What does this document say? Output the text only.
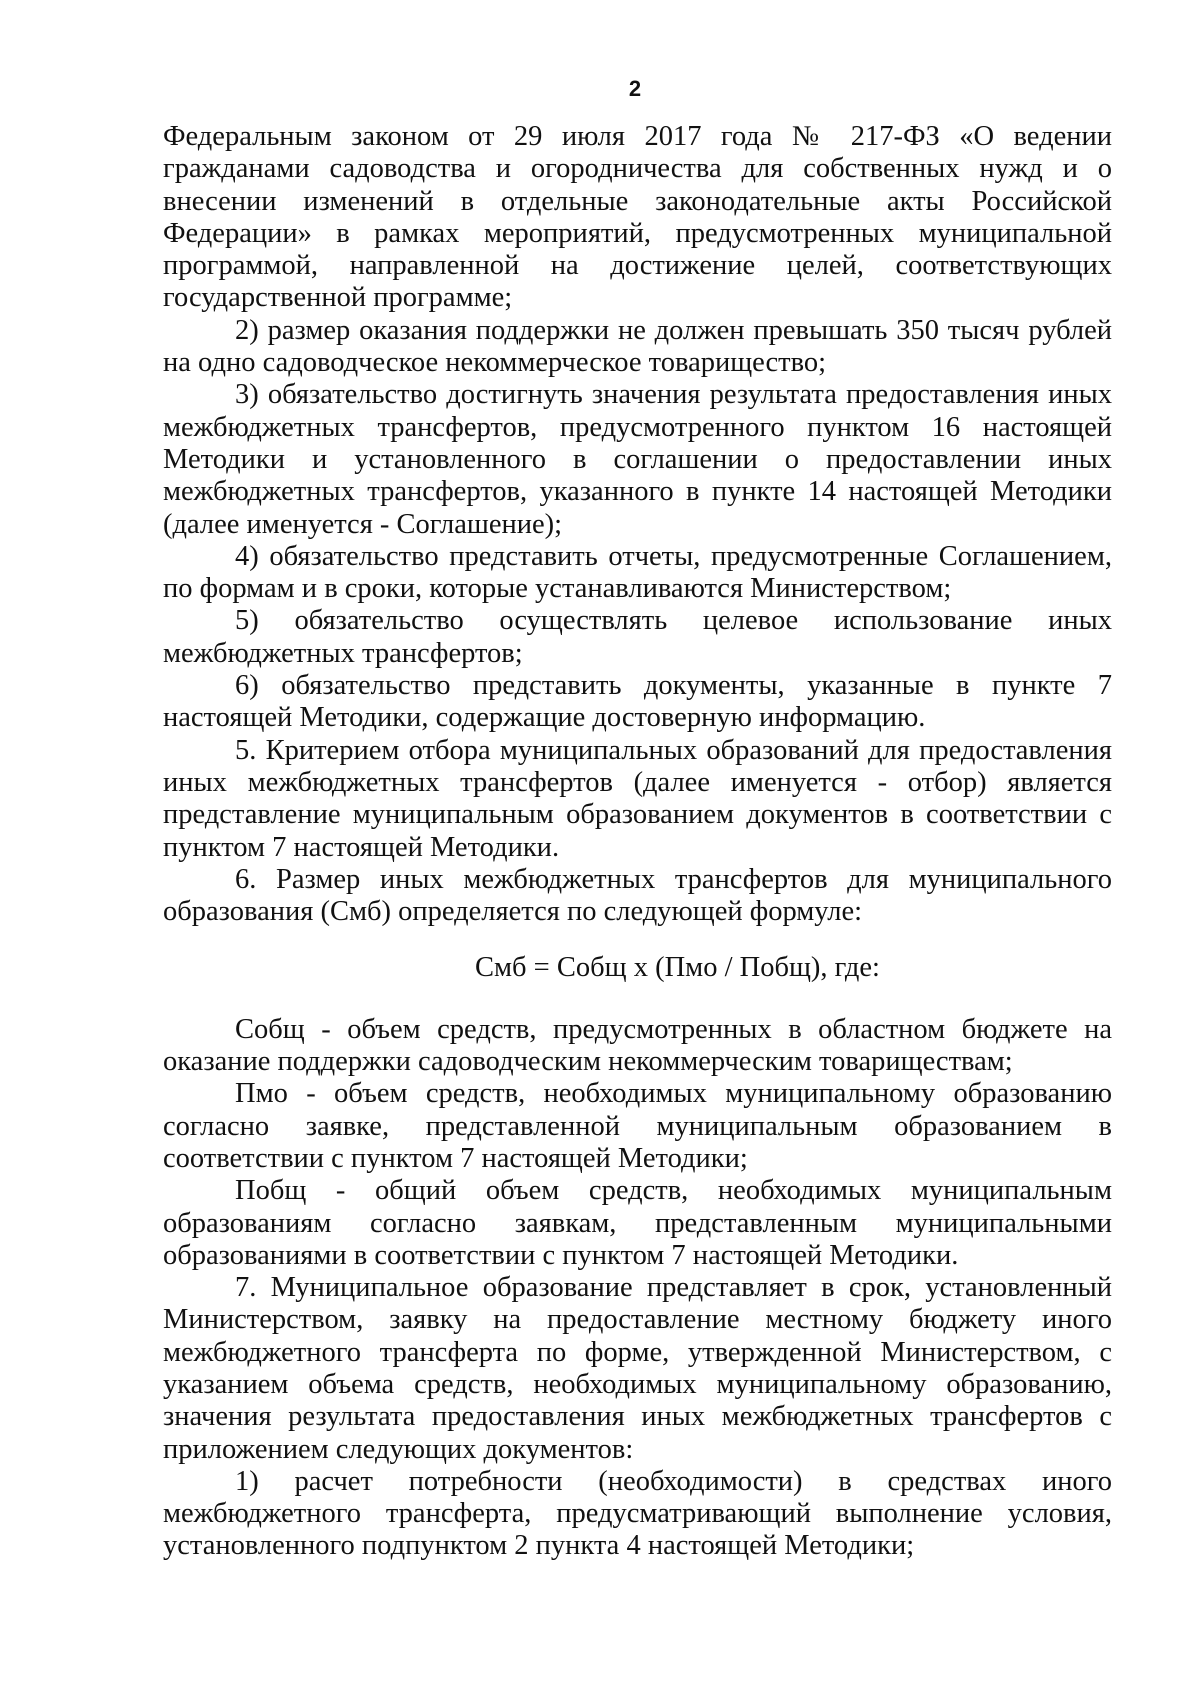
2

Федеральным законом от 29 июля 2017 года № 217-ФЗ «О ведении гражданами садоводства и огородничества для собственных нужд и о внесении изменений в отдельные законодательные акты Российской Федерации» в рамках мероприятий, предусмотренных муниципальной программой, направленной на достижение целей, соответствующих государственной программе;

2) размер оказания поддержки не должен превышать 350 тысяч рублей на одно садоводческое некоммерческое товарищество;

3) обязательство достигнуть значения результата предоставления иных межбюджетных трансфертов, предусмотренного пунктом 16 настоящей Методики и установленного в соглашении о предоставлении иных межбюджетных трансфертов, указанного в пункте 14 настоящей Методики (далее именуется - Соглашение);

4) обязательство представить отчеты, предусмотренные Соглашением, по формам и в сроки, которые устанавливаются Министерством;

5) обязательство осуществлять целевое использование иных межбюджетных трансфертов;

6) обязательство представить документы, указанные в пункте 7 настоящей Методики, содержащие достоверную информацию.

5. Критерием отбора муниципальных образований для предоставления иных межбюджетных трансфертов (далее именуется - отбор) является представление муниципальным образованием документов в соответствии с пунктом 7 настоящей Методики.

6. Размер иных межбюджетных трансфертов для муниципального образования (Смб) определяется по следующей формуле:

Смб = Собщ х (Пмо / Побщ), где:

Собщ - объем средств, предусмотренных в областном бюджете на оказание поддержки садоводческим некоммерческим товариществам;

Пмо - объем средств, необходимых муниципальному образованию согласно заявке, представленной муниципальным образованием в соответствии с пунктом 7 настоящей Методики;

Побщ - общий объем средств, необходимых муниципальным образованиям согласно заявкам, представленным муниципальными образованиями в соответствии с пунктом 7 настоящей Методики.

7. Муниципальное образование представляет в срок, установленный Министерством, заявку на предоставление местному бюджету иного межбюджетного трансферта по форме, утвержденной Министерством, с указанием объема средств, необходимых муниципальному образованию, значения результата предоставления иных межбюджетных трансфертов с приложением следующих документов:

1) расчет потребности (необходимости) в средствах иного межбюджетного трансферта, предусматривающий выполнение условия, установленного подпунктом 2 пункта 4 настоящей Методики;
